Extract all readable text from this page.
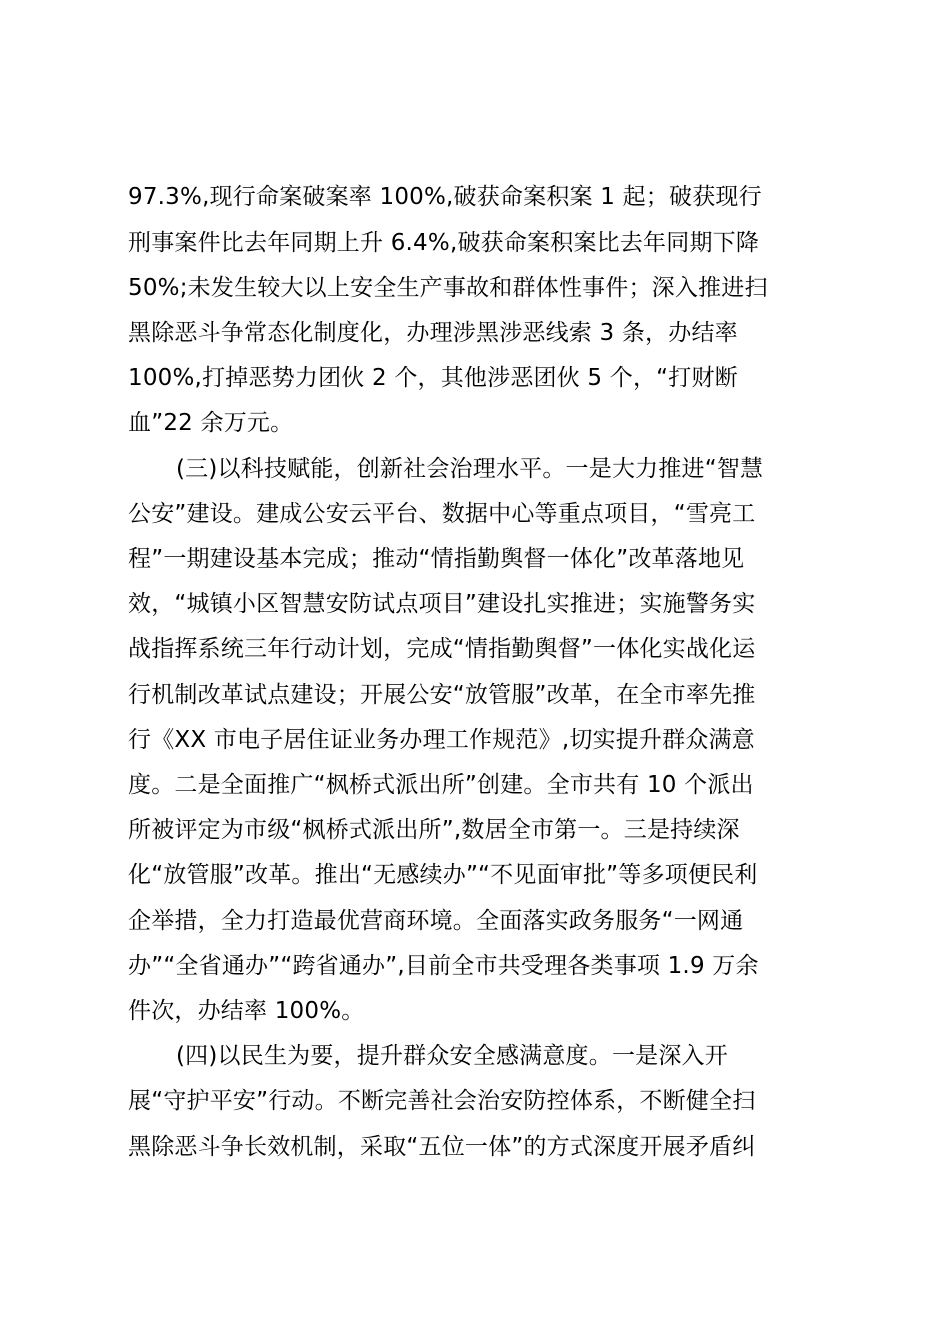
97.3%,现行命案破案率 100%,破获命案积案 1 起；破获现行
刑事案件比去年同期上升 6.4%,破获命案积案比去年同期下降
50%;未发生较大以上安全生产事故和群体性事件；深入推进扫
黑除恶斗争常态化制度化，办理涉黑涉恶线索 3 条，办结率
100%,打掉恶势力团伙 2 个，其他涉恶团伙 5 个，“打财断
血”22 余万元。
(三)以科技赋能，创新社会治理水平。一是大力推进“智慧
公安”建设。建成公安云平台、数据中心等重点项目，“雪亮工
程”一期建设基本完成；推动“情指勤舆督一体化”改革落地见
效，“城镇小区智慧安防试点项目”建设扎实推进；实施警务实
战指挥系统三年行动计划，完成“情指勤舆督”一体化实战化运
行机制改革试点建设；开展公安“放管服”改革，在全市率先推
行《XX 市电子居住证业务办理工作规范》,切实提升群众满意
度。二是全面推广“枫桥式派出所”创建。全市共有 10 个派出
所被评定为市级“枫桥式派出所”,数居全市第一。三是持续深
化“放管服”改革。推出“无感续办”“不见面审批”等多项便民利
企举措，全力打造最优营商环境。全面落实政务服务“一网通
办”“全省通办”“跨省通办”,目前全市共受理各类事项 1.9 万余
件次，办结率 100%。
(四)以民生为要，提升群众安全感满意度。一是深入开
展“守护平安”行动。不断完善社会治安防控体系，不断健全扫
黑除恶斗争长效机制，采取“五位一体”的方式深度开展矛盾纠
